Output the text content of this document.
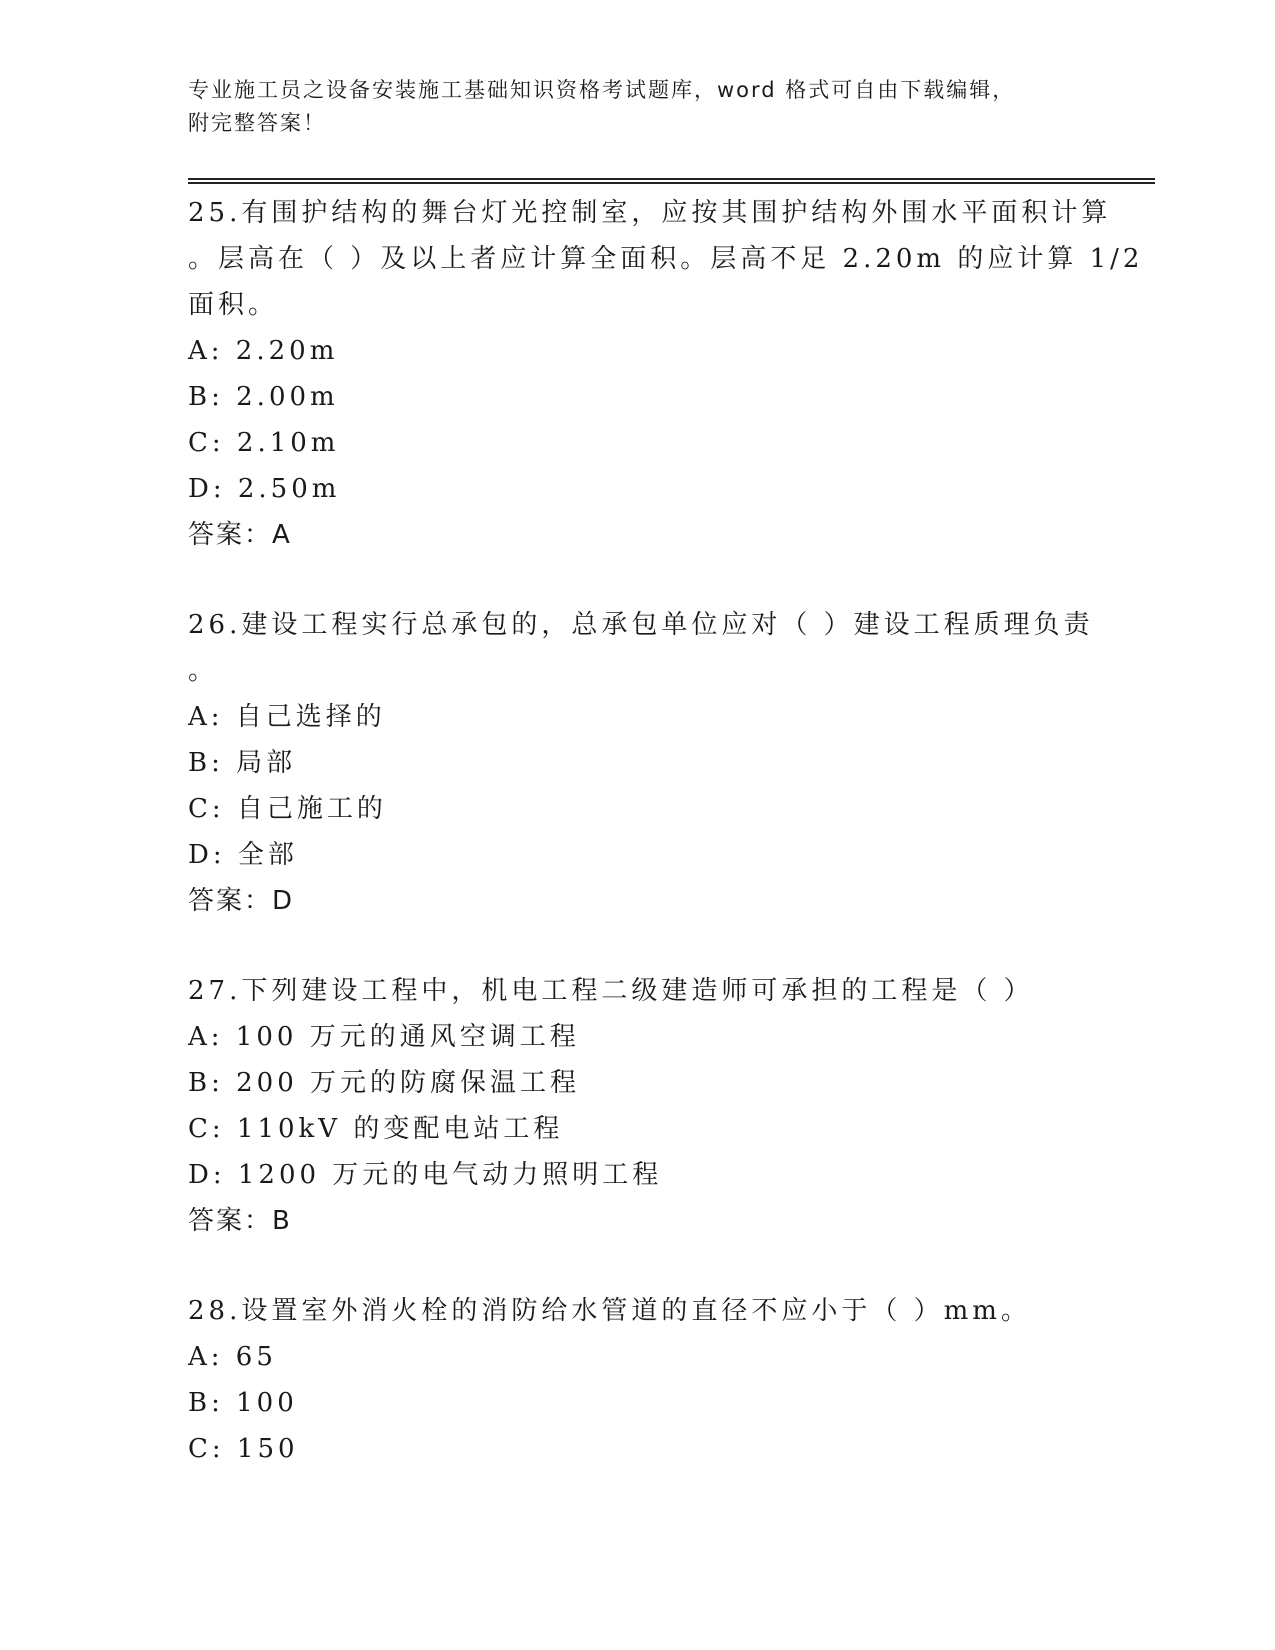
专业施工员之设备安装施工基础知识资格考试题库，word 格式可自由下载编辑，
附完整答案！
25.有围护结构的舞台灯光控制室，应按其围护结构外围水平面积计算
。层高在（ ）及以上者应计算全面积。层高不足 2.20m 的应计算 1/2
面积。
A: 2.20m
B: 2.00m
C: 2.10m
D: 2.50m
答案：A
26.建设工程实行总承包的，总承包单位应对（ ）建设工程质理负责
。
A: 自己选择的
B: 局部
C: 自己施工的
D: 全部
答案：D
27.下列建设工程中，机电工程二级建造师可承担的工程是（ ）
A: 100 万元的通风空调工程
B: 200 万元的防腐保温工程
C: 110kV 的变配电站工程
D: 1200 万元的电气动力照明工程
答案：B
28.设置室外消火栓的消防给水管道的直径不应小于（ ）mm。
A: 65
B: 100
C: 150
